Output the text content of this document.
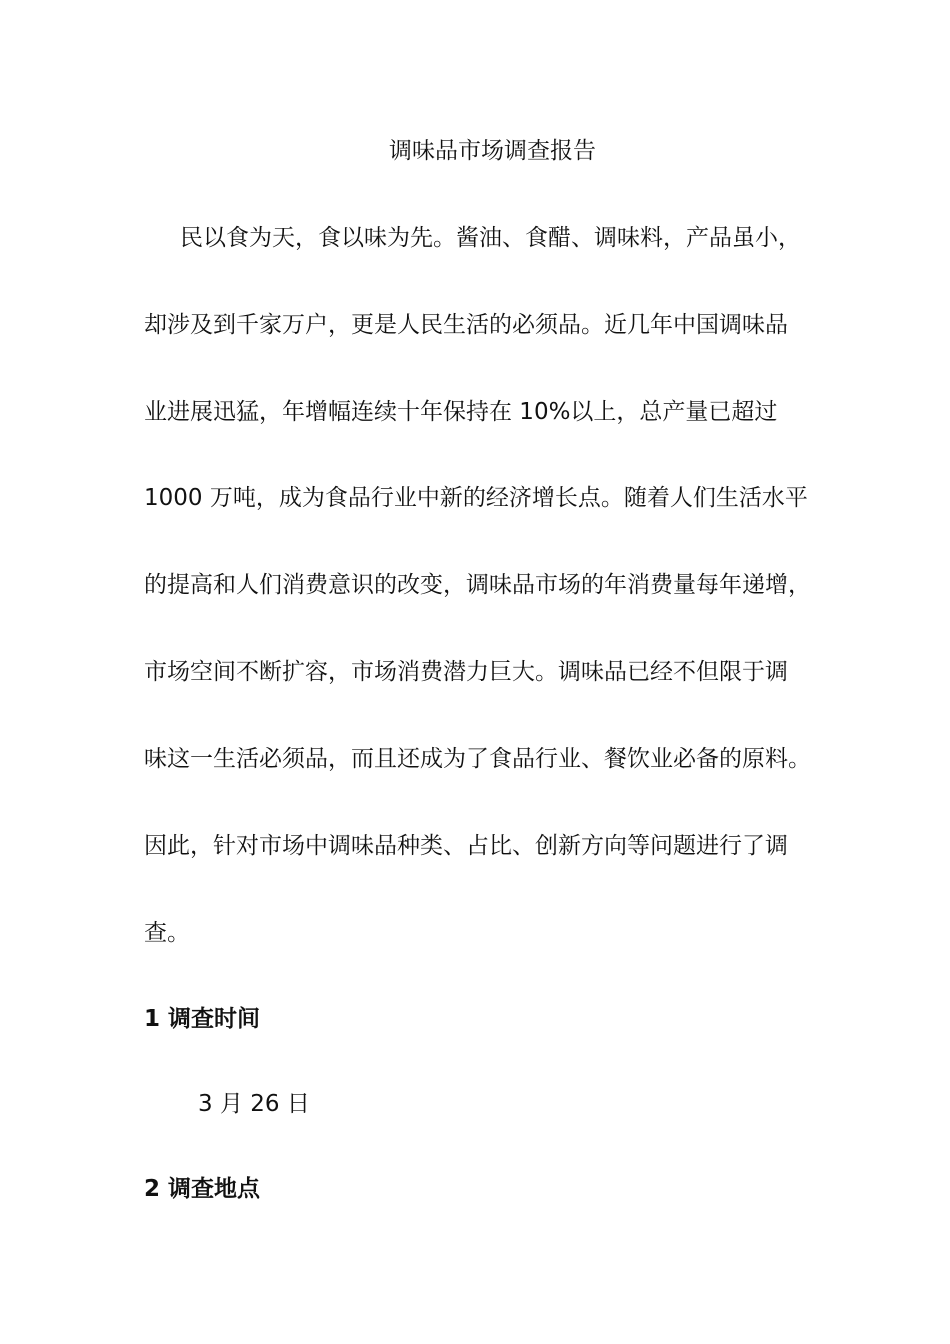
调味品市场调查报告
民以食为天，食以味为先。酱油、食醋、调味料，产品虽小，
却涉及到千家万户，更是人民生活的必须品。近几年中国调味品
业进展迅猛，年增幅连续十年保持在 10%以上，总产量已超过
1000 万吨，成为食品行业中新的经济增长点。随着人们生活水平
的提高和人们消费意识的改变，调味品市场的年消费量每年递增，
市场空间不断扩容，市场消费潜力巨大。调味品已经不但限于调
味这一生活必须品，而且还成为了食品行业、餐饮业必备的原料。
因此，针对市场中调味品种类、占比、创新方向等问题进行了调
查。
1 调查时间
3 月 26 日
2 调查地点
